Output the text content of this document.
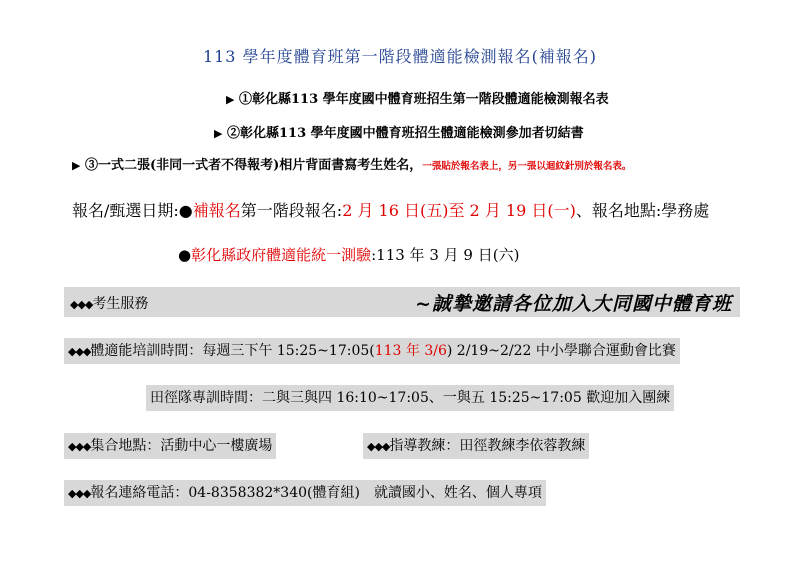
113 學年度體育班第一階段體適能檢測報名(補報名)
▶ ①彰化縣113 學年度國中體育班招生第一階段體適能檢測報名表
▶ ②彰化縣113 學年度國中體育班招生體適能檢測參加者切結書
▶ ③一式二張(非同一式者不得報考)相片背面書寫考生姓名，一張貼於報名表上，另一張以迴紋針別於報名表。
報名/甄選日期:●補報名第一階段報名:2 月 16 日(五)至 2 月 19 日(一)、報名地點:學務處
●彰化縣政府體適能統一測驗:113 年 3 月 9 日(六)
◆◆◆考生服務	~誠摯邀請各位加入大同國中體育班
◆◆◆體適能培訓時間：每週三下午 15:25~17:05(113 年 3/6) 2/19~2/22 中小學聯合運動會比賽
田徑隊專訓時間：二與三與四 16:10~17:05、一與五 15:25~17:05 歡迎加入團練
◆◆◆集合地點：活動中心一樓廣場	◆◆◆指導教練：田徑教練李依蓉教練
◆◆◆報名連絡電話：04-8358382*340(體育組) 就讀國小、姓名、個人專項
